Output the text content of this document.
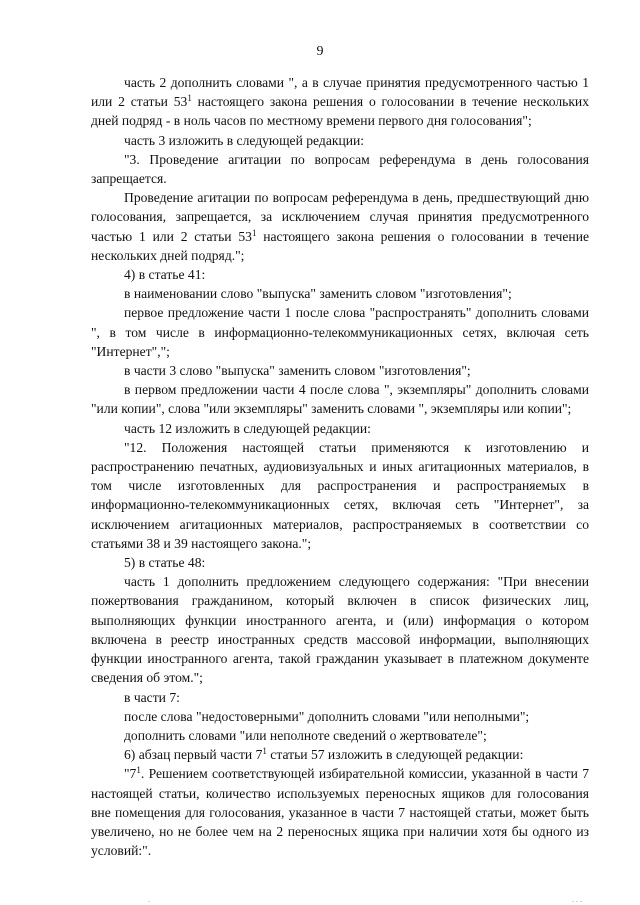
9

часть 2 дополнить словами ", а в случае принятия предусмотренного частью 1 или 2 статьи $53^1$ настоящего закона решения о голосовании в течение нескольких дней подряд - в ноль часов по местному времени первого дня голосования";

часть 3 изложить в следующей редакции:

"3. Проведение агитации по вопросам референдума в день голосования запрещается.

Проведение агитации по вопросам референдума в день, предшествующий дню голосования, запрещается, за исключением случая принятия предусмотренного частью 1 или 2 статьи $53^1$ настоящего закона решения о голосовании в течение нескольких дней подряд.";

4) в статье 41:

в наименовании слово "выпуска" заменить словом "изготовления";

первое предложение части 1 после слова "распространять" дополнить словами ", в том числе в информационно-телекоммуникационных сетях, включая сеть "Интернет",";

в части 3 слово "выпуска" заменить словом "изготовления";

в первом предложении части 4 после слова ", экземпляры" дополнить словами "или копии", слова "или экземпляры" заменить словами ", экземпляры или копии";

часть 12 изложить в следующей редакции:

"12. Положения настоящей статьи применяются к изготовлению и распространению печатных, аудиовизуальных и иных агитационных материалов, в том числе изготовленных для распространения и распространяемых в информационно-телекоммуникационных сетях, включая сеть "Интернет", за исключением агитационных материалов, распространяемых в соответствии со статьями 38 и 39 настоящего закона.";

5) в статье 48:

часть 1 дополнить предложением следующего содержания: "При внесении пожертвования гражданином, который включен в список физических лиц, выполняющих функции иностранного агента, и (или) информация о котором включена в реестр иностранных средств массовой информации, выполняющих функции иностранного агента, такой гражданин указывает в платежном документе сведения об этом.";

в части 7:

после слова "недостоверными" дополнить словами "или неполными";

дополнить словами "или неполноте сведений о жертвователе";

6) абзац первый части $7^1$ статьи 57 изложить в следующей редакции:

"$7^1$. Решением соответствующей избирательной комиссии, указанной в части 7 настоящей статьи, количество используемых переносных ящиков для голосования вне помещения для голосования, указанное в части 7 настоящей статьи, может быть увеличено, но не более чем на 2 переносных ящика при наличии хотя бы одного из условий:".

.	. . .
